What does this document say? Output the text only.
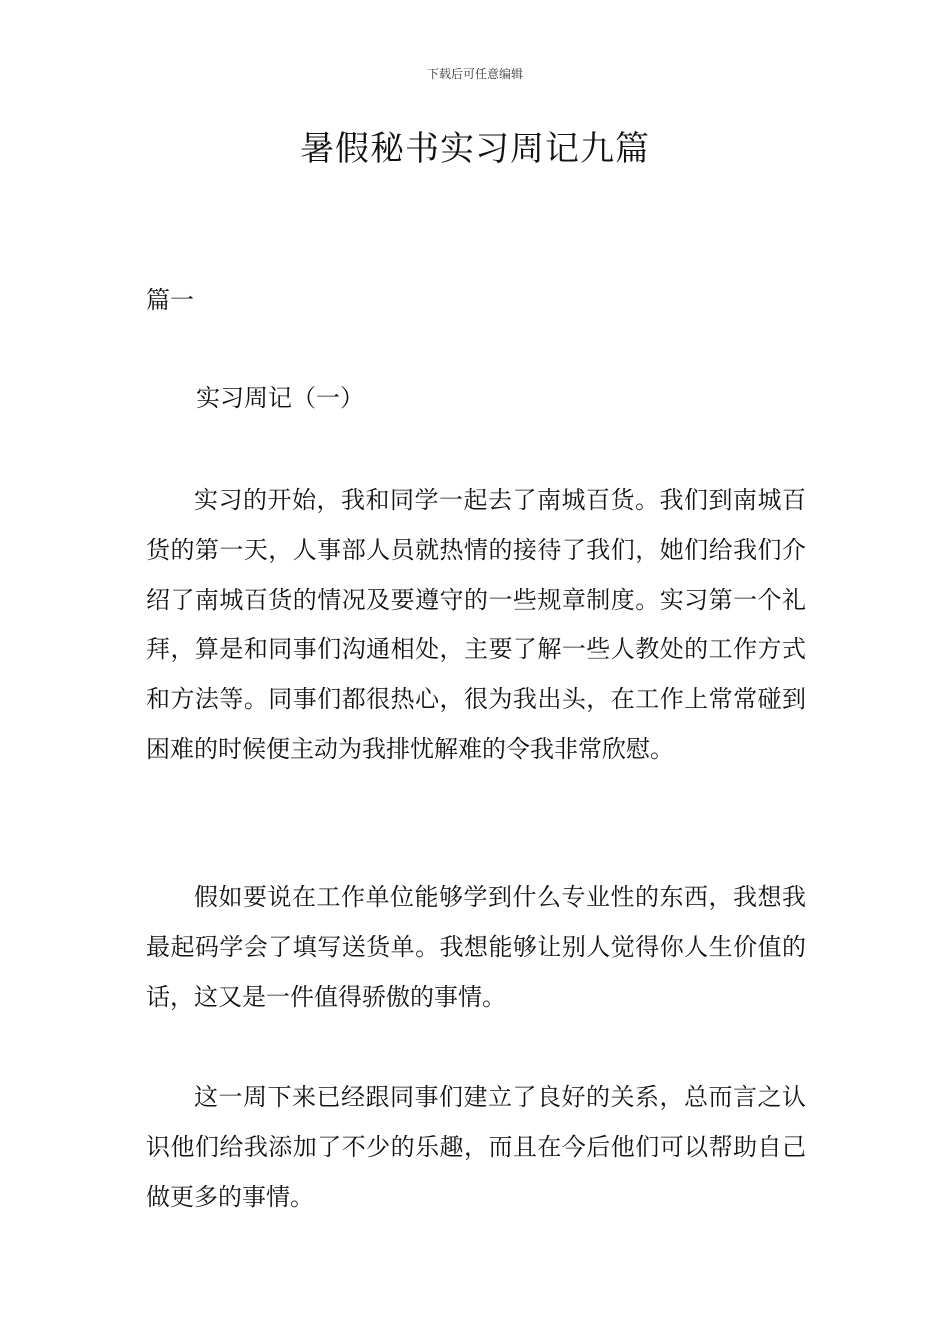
下载后可任意编辑
暑假秘书实习周记九篇
篇一
实习周记（一）

实习的开始，我和同学一起去了南城百货。我们到南城百货的第一天，人事部人员就热情的接待了我们，她们给我们介绍了南城百货的情况及要遵守的一些规章制度。实习第一个礼拜，算是和同事们沟通相处，主要了解一些人教处的工作方式和方法等。同事们都很热心，很为我出头，在工作上常常碰到困难的时候便主动为我排忧解难的令我非常欣慰。

假如要说在工作单位能够学到什么专业性的东西，我想我最起码学会了填写送货单。我想能够让别人觉得你人生价值的话，这又是一件值得骄傲的事情。

这一周下来已经跟同事们建立了良好的关系，总而言之认识他们给我添加了不少的乐趣，而且在今后他们可以帮助自己做更多的事情。
